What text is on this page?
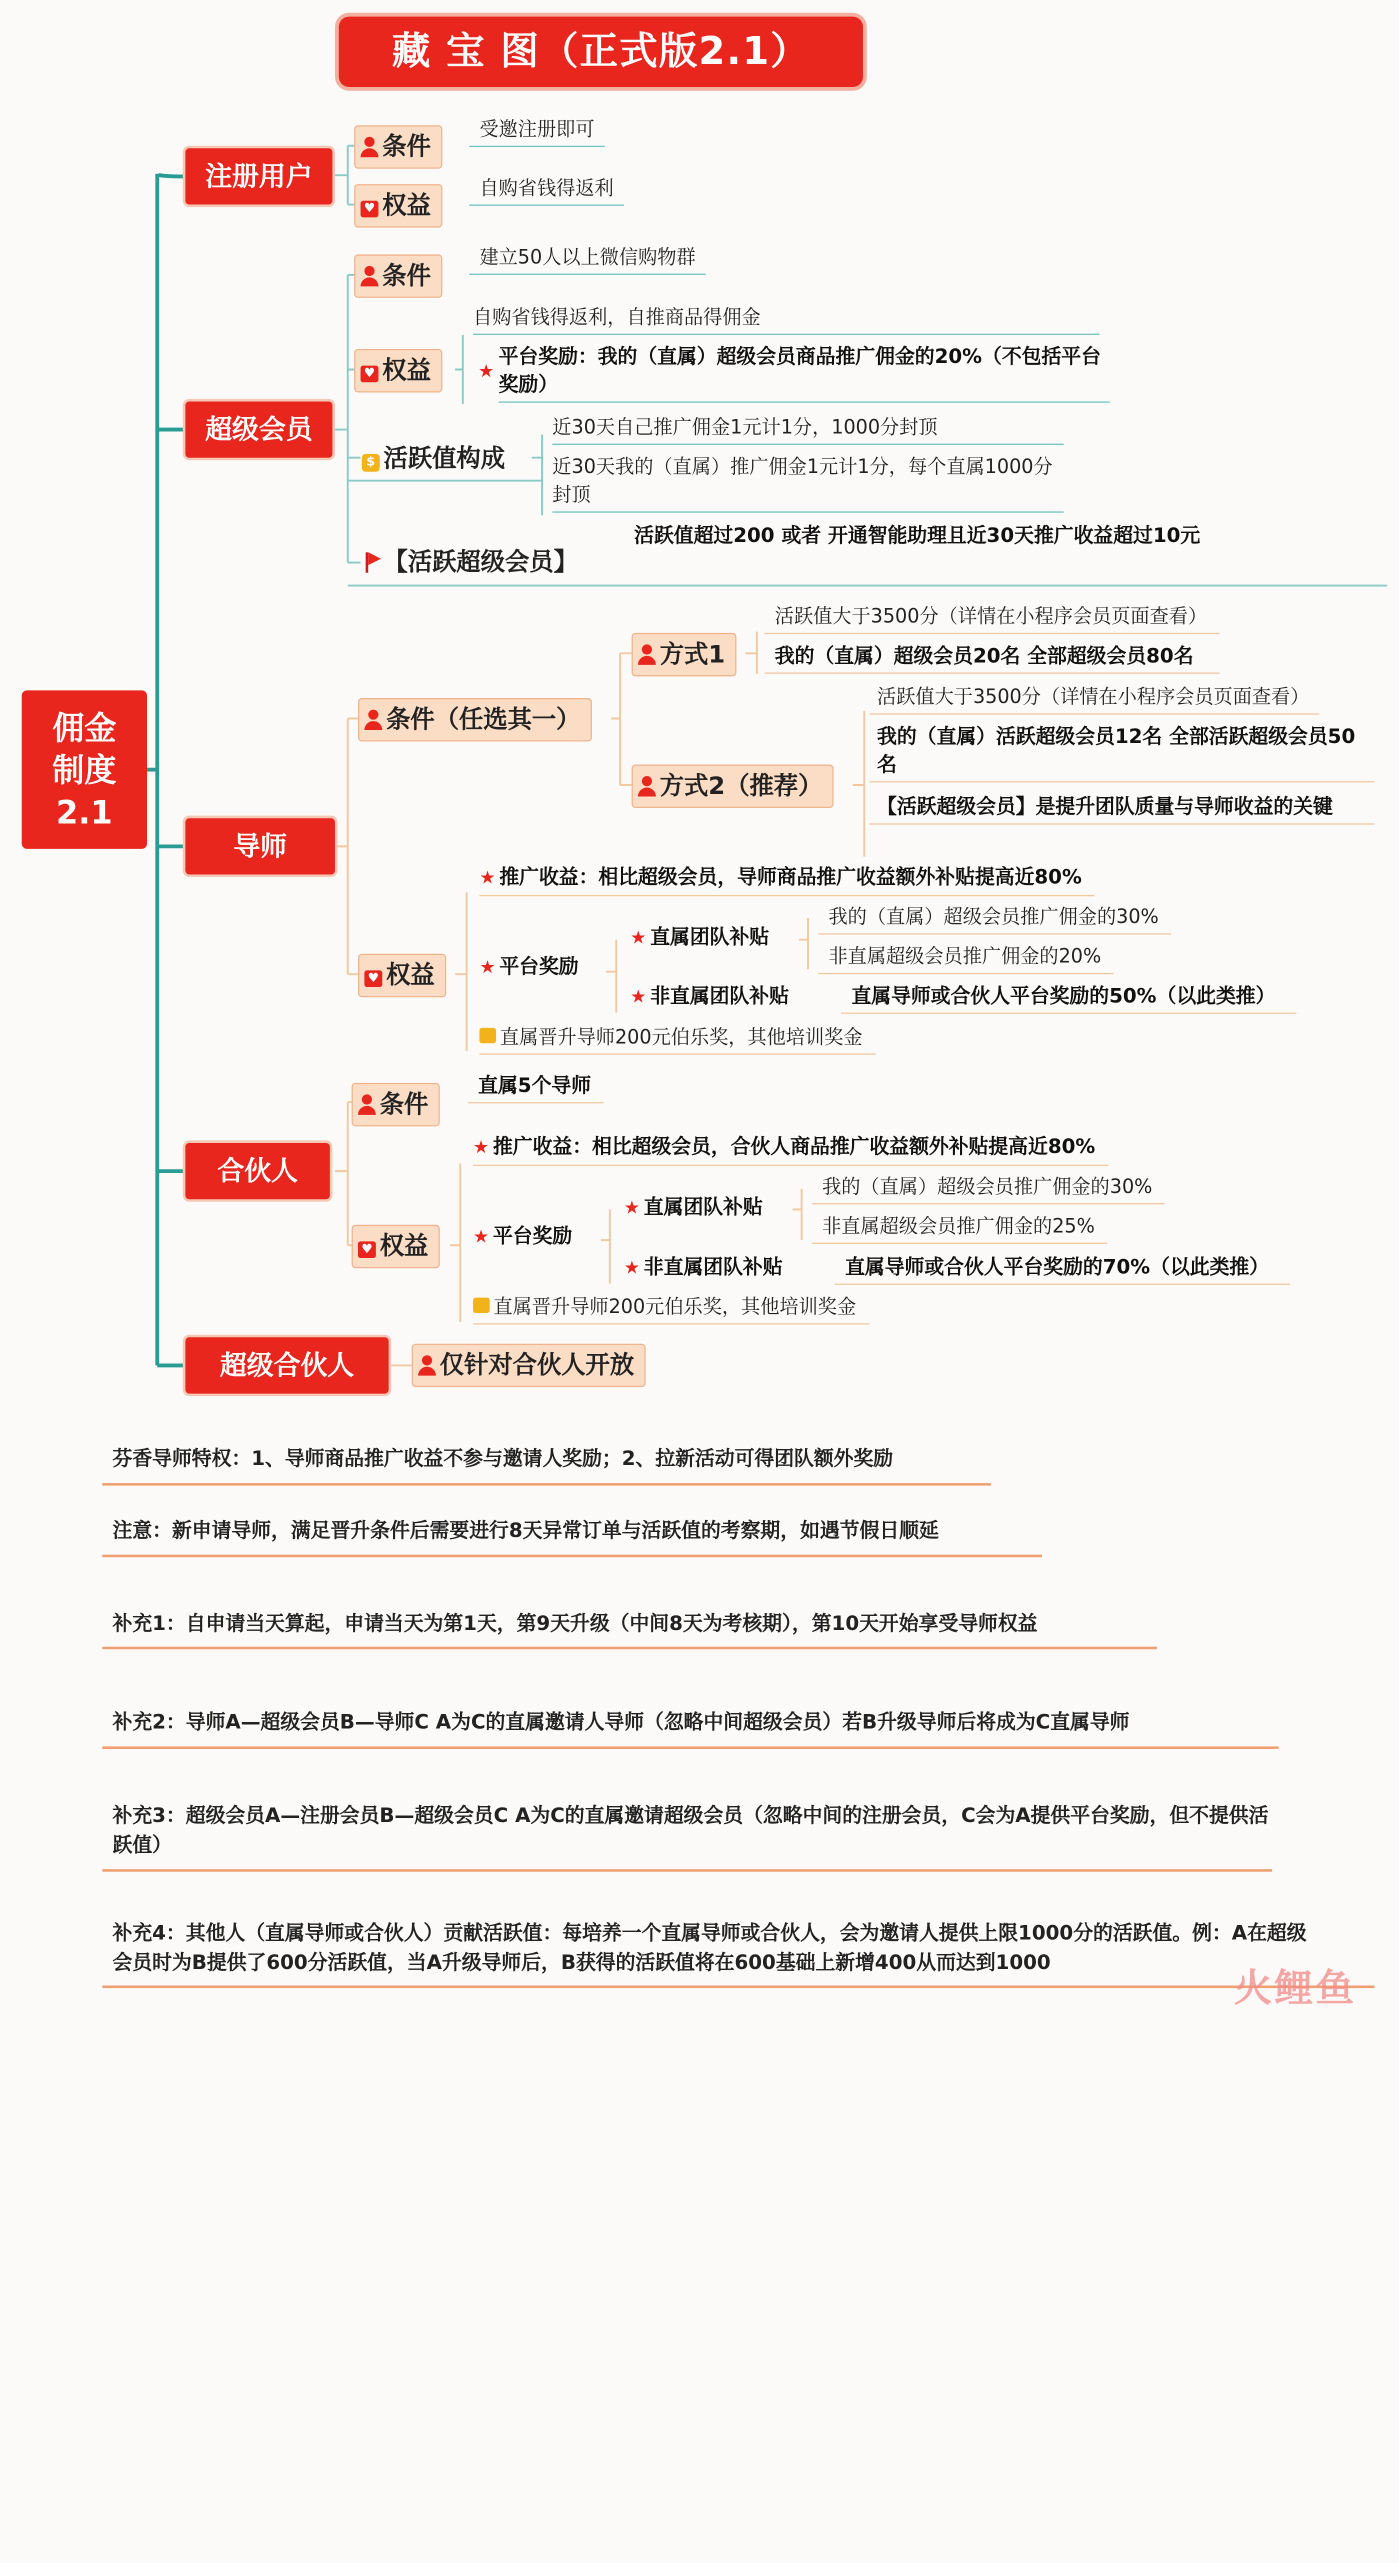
藏 宝 图（正式版2.1）
佣金制度2.1
注册用户
超级会员
导师
合伙人
超级合伙人
条件
受邀注册即可
♥ 权益
自购省钱得返利
条件
建立50人以上微信购物群
♥ 权益
自购省钱得返利，自推商品得佣金
★
平台奖励：我的（直属）超级会员商品推广佣金的20%（不包括平台奖励）
$ 活跃值构成
近30天自己推广佣金1元计1分，1000分封顶
近30天我的（直属）推广佣金1元计1分，每个直属1000分封顶
【活跃超级会员】
活跃值超过200 或者 开通智能助理且近30天推广收益超过10元
条件（任选其一）
方式1
活跃值大于3500分（详情在小程序会员页面查看）
我的（直属）超级会员20名 全部超级会员80名
方式2（推荐）
活跃值大于3500分（详情在小程序会员页面查看）
我的（直属）活跃超级会员12名 全部活跃超级会员50名
【活跃超级会员】是提升团队质量与导师收益的关键
♥ 权益
★ 推广收益：相比超级会员，导师商品推广收益额外补贴提高近80%
★ 平台奖励
★ 直属团队补贴
我的（直属）超级会员推广佣金的30%
非直属超级会员推广佣金的20%
★ 非直属团队补贴	直属导师或合伙人平台奖励的50%（以此类推）
直属晋升导师200元伯乐奖，其他培训奖金
条件
直属5个导师
♥ 权益
★ 推广收益：相比超级会员，合伙人商品推广收益额外补贴提高近80%
★ 平台奖励
★ 直属团队补贴
我的（直属）超级会员推广佣金的30%
非直属超级会员推广佣金的25%
★ 非直属团队补贴	直属导师或合伙人平台奖励的70%（以此类推）
直属晋升导师200元伯乐奖，其他培训奖金
仅针对合伙人开放
芬香导师特权：1、导师商品推广收益不参与邀请人奖励；2、拉新活动可得团队额外奖励
注意：新申请导师，满足晋升条件后需要进行8天异常订单与活跃值的考察期，如遇节假日顺延
补充1：自申请当天算起，申请当天为第1天，第9天升级（中间8天为考核期），第10天开始享受导师权益
补充2：导师A—超级会员B—导师C A为C的直属邀请人导师（忽略中间超级会员）若B升级导师后将成为C直属导师
补充3：超级会员A—注册会员B—超级会员C A为C的直属邀请超级会员（忽略中间的注册会员，C会为A提供平台奖励，但不提供活跃值）
补充4：其他人（直属导师或合伙人）贡献活跃值：每培养一个直属导师或合伙人，会为邀请人提供上限1000分的活跃值。例：A在超级会员时为B提供了600分活跃值，当A升级导师后，B获得的活跃值将在600基础上新增400从而达到1000
火鲤鱼
